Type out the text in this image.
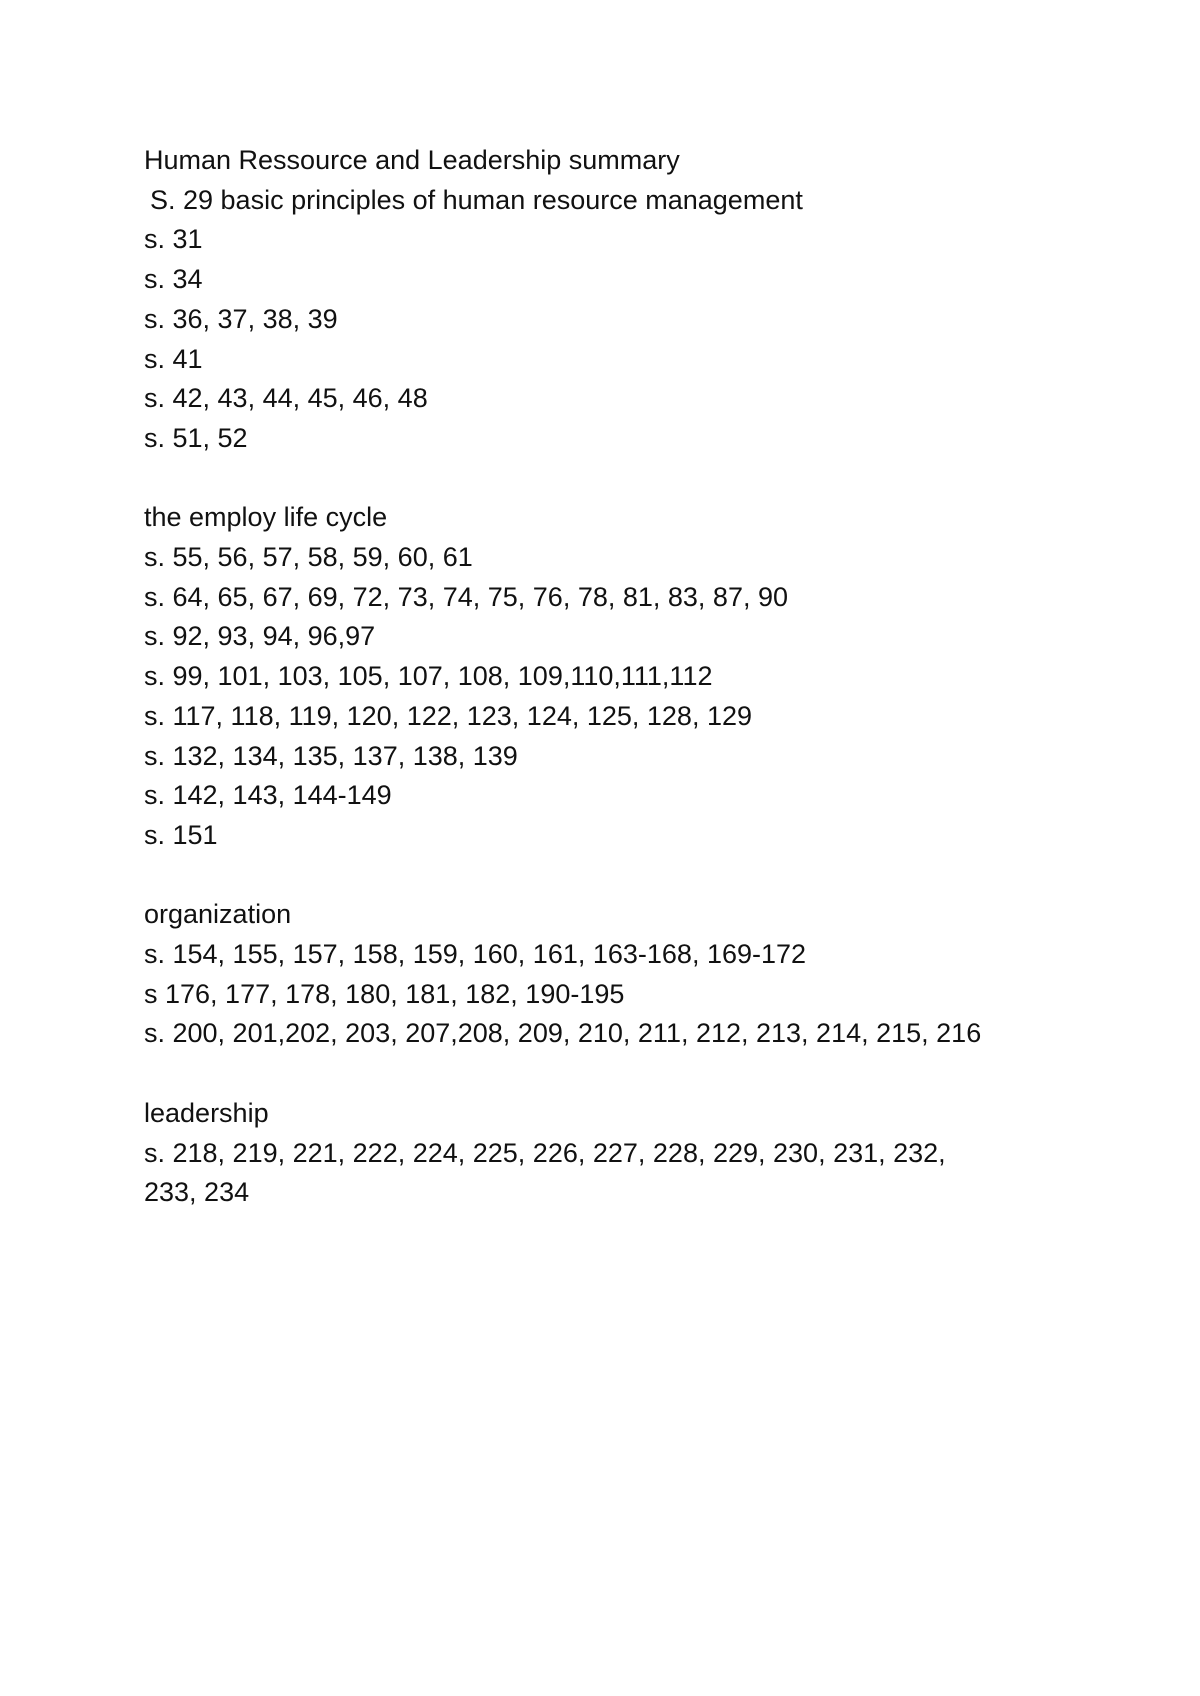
Human Ressource and Leadership summary

S. 29 basic principles of human resource management

s. 31

s. 34

s. 36, 37, 38, 39

s. 41

s. 42, 43, 44, 45, 46, 48

s. 51, 52

the employ life cycle

s. 55, 56, 57, 58, 59, 60, 61

s. 64, 65, 67, 69, 72, 73, 74, 75, 76, 78, 81, 83, 87, 90

s. 92, 93, 94, 96,97

s. 99, 101, 103, 105, 107, 108, 109,110,111,112

s. 117, 118, 119, 120, 122, 123, 124, 125, 128, 129

s. 132, 134, 135, 137, 138, 139

s. 142, 143, 144-149

s. 151

organization

s. 154, 155, 157, 158, 159, 160, 161, 163-168, 169-172

s 176, 177, 178, 180, 181, 182, 190-195

s. 200, 201,202, 203, 207,208, 209, 210, 211, 212, 213, 214, 215, 216

leadership

s. 218, 219, 221, 222, 224, 225, 226, 227, 228, 229, 230, 231, 232,

233, 234
